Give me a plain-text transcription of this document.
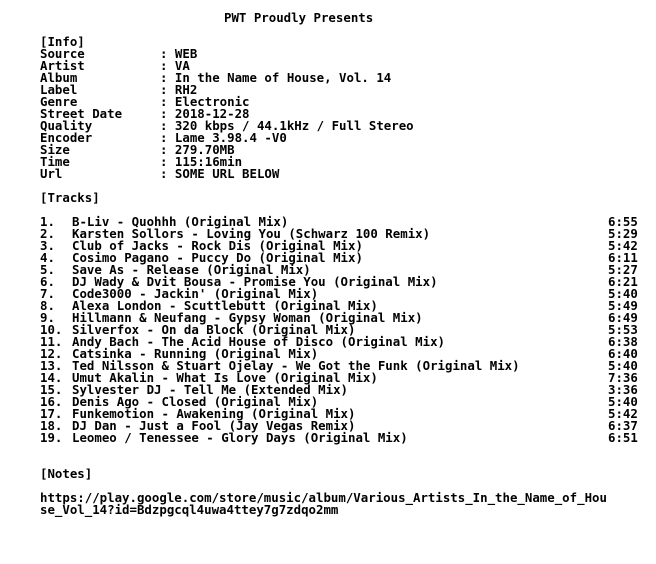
PWT Proudly Presents

[Info]

Source	: WEB

Artist	: VA

Album	: In the Name of House, Vol. 14

Label	: RH2

Genre	: Electronic

Street Date	: 2018-12-28

Quality	: 320 kbps / 44.1kHz / Full Stereo

Encoder	: Lame 3.98.4 -V0

Size	: 279.70MB

Time	: 115:16min

Url	: SOME URL BELOW

[Tracks]

1. B-Liv - Quohhh (Original Mix)	6:55

2. Karsten Sollors - Loving You (Schwarz 100 Remix)	5:29

3. Club of Jacks - Rock Dis (Original Mix)	5:42

4. Cosimo Pagano - Puccy Do (Original Mix)	6:11

5. Save As - Release (Original Mix)	5:27

6. DJ Wady & Dvit Bousa - Promise You (Original Mix)	6:21

7. Code3000 - Jackin' (Original Mix)	5:40

8. Alexa London - Scuttlebutt (Original Mix)	5:49

9. Hillmann & Neufang - Gypsy Woman (Original Mix)	6:49

10. Silverfox - On da Block (Original Mix)	5:53

11. Andy Bach - The Acid House of Disco (Original Mix)	6:38

12. Catsinka - Running (Original Mix)	6:40

13. Ted Nilsson & Stuart Ojelay - We Got the Funk (Original Mix)	5:40

14. Umut Akalin - What Is Love (Original Mix)	7:36

15. Sylvester DJ - Tell Me (Extended Mix)	3:36

16. Denis Ago - Closed (Original Mix)	5:40

17. Funkemotion - Awakening (Original Mix)	5:42

18. DJ Dan - Just a Fool (Jay Vegas Remix)	6:37

19. Leomeo / Tenessee - Glory Days (Original Mix)	6:51

[Notes]

https://play.google.com/store/music/album/Various_Artists_In_the_Name_of_Hou

se_Vol_14?id=Bdzpgcql4uwa4ttey7g7zdqo2mm
